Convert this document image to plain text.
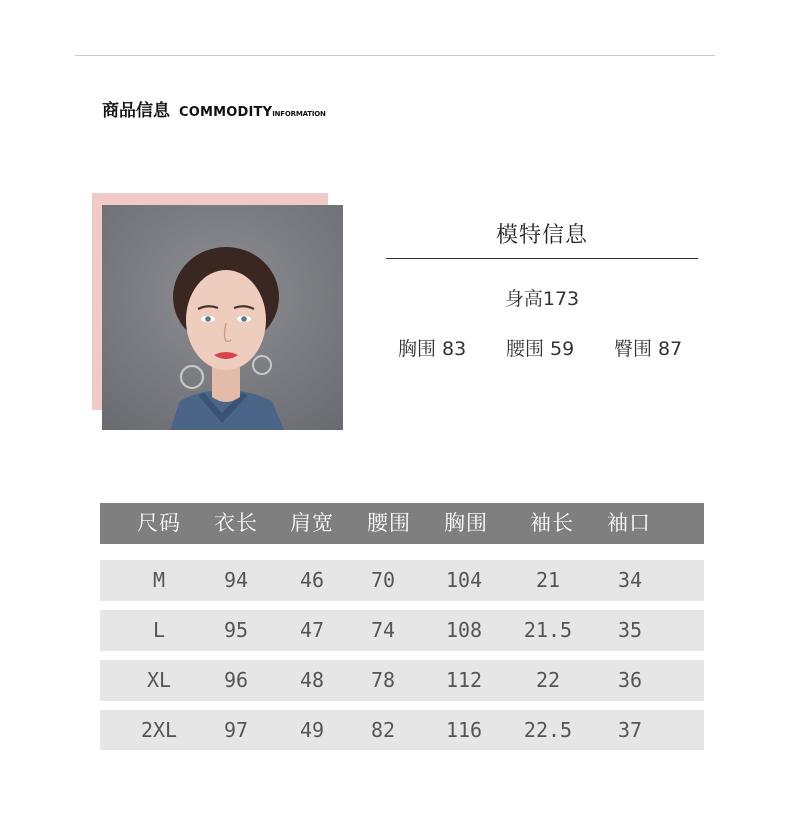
商品信息 COMMODITYINFORMATION
模特信息
身高173
胸围 83 腰围 59 臀围 87
尺码 衣长 肩宽 腰围 胸围 袖长 袖口
M	94	46 70	104	21	34
L	95	47 74	108 21.5 35
XL	96	48 78	112	22	36
2XL 97	49 82	116 22.5 37
